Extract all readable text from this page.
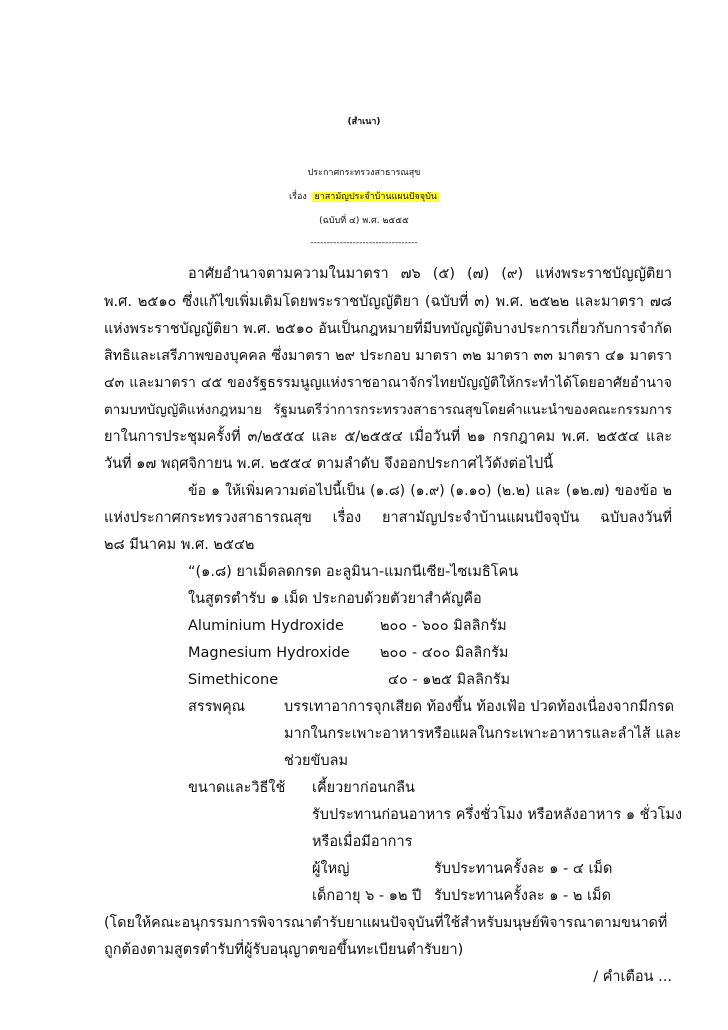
(สำเนา)
ประกาศกระทรวงสาธารณสุข
เรื่อง ยาสามัญประจำบ้านแผนปัจจุบัน
(ฉบับที่ ๔) พ.ศ. ๒๕๕๕
---------------------------------
อาศัยอำนาจตามความในมาตรา ๗๖ (๕) (๗) (๙) แห่งพระราชบัญญัติยา
พ.ศ. ๒๕๑๐ ซึ่งแก้ไขเพิ่มเติมโดยพระราชบัญญัติยา (ฉบับที่ ๓) พ.ศ. ๒๕๒๒ และมาตรา ๗๘
แห่งพระราชบัญญัติยา พ.ศ. ๒๕๑๐ อันเป็นกฎหมายที่มีบทบัญญัติบางประการเกี่ยวกับการจำกัด
สิทธิและเสรีภาพของบุคคล ซึ่งมาตรา ๒๙ ประกอบ มาตรา ๓๒ มาตรา ๓๓ มาตรา ๔๑ มาตรา
๔๓ และมาตรา ๔๕ ของรัฐธรรมนูญแห่งราชอาณาจักรไทยบัญญัติให้กระทำได้โดยอาศัยอำนาจ
ตามบทบัญญัติแห่งกฎหมาย รัฐมนตรีว่าการกระทรวงสาธารณสุขโดยคำแนะนำของคณะกรรมการ
ยาในการประชุมครั้งที่ ๓/๒๕๕๔ และ ๕/๒๕๕๔ เมื่อวันที่ ๒๑ กรกฎาคม พ.ศ. ๒๕๕๔ และ
วันที่ ๑๗ พฤศจิกายน พ.ศ. ๒๕๕๔ ตามลำดับ จึงออกประกาศไว้ดังต่อไปนี้
ข้อ ๑ ให้เพิ่มความต่อไปนี้เป็น (๑.๘) (๑.๙) (๑.๑๐) (๒.๒) และ (๑๒.๗) ของข้อ ๒
แห่งประกาศกระทรวงสาธารณสุข เรื่อง ยาสามัญประจำบ้านแผนปัจจุบัน ฉบับลงวันที่
๒๘ มีนาคม พ.ศ. ๒๕๔๒
“(๑.๘) ยาเม็ดลดกรด อะลูมินา-แมกนีเซีย-ไซเมธิโคน
ในสูตรตำรับ ๑ เม็ด ประกอบด้วยตัวยาสำคัญคือ
Aluminium Hydroxide ๒๐๐ - ๖๐๐ มิลลิกรัม
Magnesium Hydroxide ๒๐๐ - ๔๐๐ มิลลิกรัม
Simethicone	๔๐ - ๑๒๕ มิลลิกรัม
สรรพคุณ	บรรเทาอาการจุกเสียด ท้องขึ้น ท้องเฟ้อ ปวดท้องเนื่องจากมีกรด
มากในกระเพาะอาหารหรือแผลในกระเพาะอาหารและลำไส้ และ
ช่วยขับลม
ขนาดและวิธีใช้ เคี้ยวยาก่อนกลืน
รับประทานก่อนอาหาร ครึ่งชั่วโมง หรือหลังอาหาร ๑ ชั่วโมง
หรือเมื่อมีอาการ
ผู้ใหญ่	รับประทานครั้งละ ๑ - ๔ เม็ด
เด็กอายุ ๖ - ๑๒ ปี รับประทานครั้งละ ๑ - ๒ เม็ด
(โดยให้คณะอนุกรรมการพิจารณาตำรับยาแผนปัจจุบันที่ใช้สำหรับมนุษย์พิจารณาตามขนาดที่
ถูกต้องตามสูตรตำรับที่ผู้รับอนุญาตขอขึ้นทะเบียนตำรับยา)
/ คำเตือน ...
